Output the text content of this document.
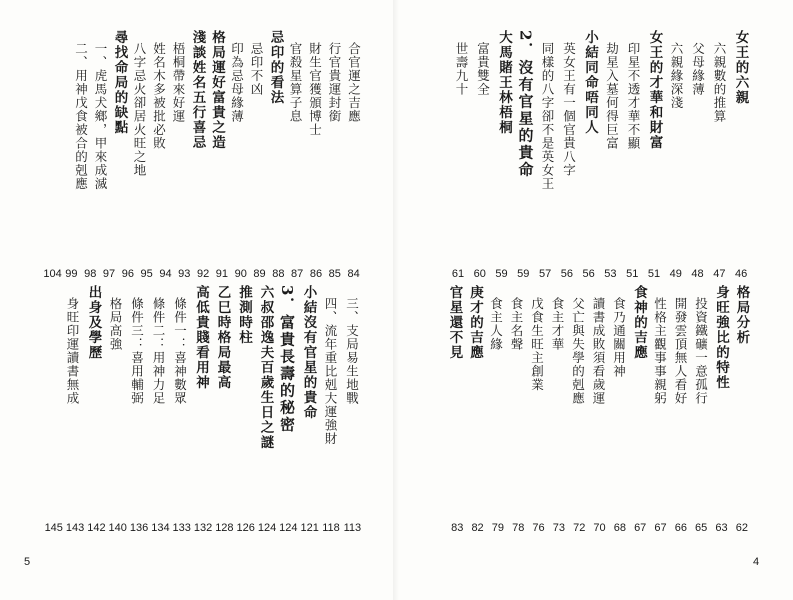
合官運之吉應
行官貴運封銜
財生官獲頒博士
官殺星算子息
忌印的看法
忌印不凶
印為忌母緣薄
格局運好富貴之造
淺談姓名五行喜忌
梧桐帶來好運
姓名木多被批必敗
八字忌火卻居火旺之地
尋找命局的缺點
一、虎馬犬鄉，甲來成滅
二、用神戊食被合的剋應
84
85
86
87
88
89
90
91
92
93
94
95
96
97
98
99
104
三、支局易生地戰
四、流年重比剋大運強財
小結沒有官星的貴命
3．富貴長壽的秘密
六叔邵逸夫百歲生日之謎
推測時柱
乙巳時格局最高
高低貴賤看用神
條件一：喜神數眾
條件二：用神力足
條件三：喜用輔弼
格局高強
出身及學歷
身旺印運讀書無成
113
118
121
124
124
126
128
132
133
134
136
140
142
143
145
5
女王的六親
六親數的推算
父母緣薄
六親緣深淺
女王的才華和財富
印星不透才華不顯
劫星入墓何得巨富
小結同命唔同人
英女王有一個官貴八字
同樣的八字卻不是英女王
2．沒有官星的貴命
大馬賭王林梧桐
富貴雙全
世壽九十
46
47
48
49
51
51
53
56
56
57
59
59
60
61
格局分析
身旺強比的特性
投資鐵礦一意孤行
開發雲頂無人看好
性格主觀事事親躬
食神的吉應
食乃通關用神
讀書成敗須看歲運
父亡與失學的剋應
食主才華
戊食生旺主創業
食主名聲
食主人緣
庚才的吉應
官星還不見
62
63
65
66
67
67
68
70
72
73
76
78
79
82
83
4
